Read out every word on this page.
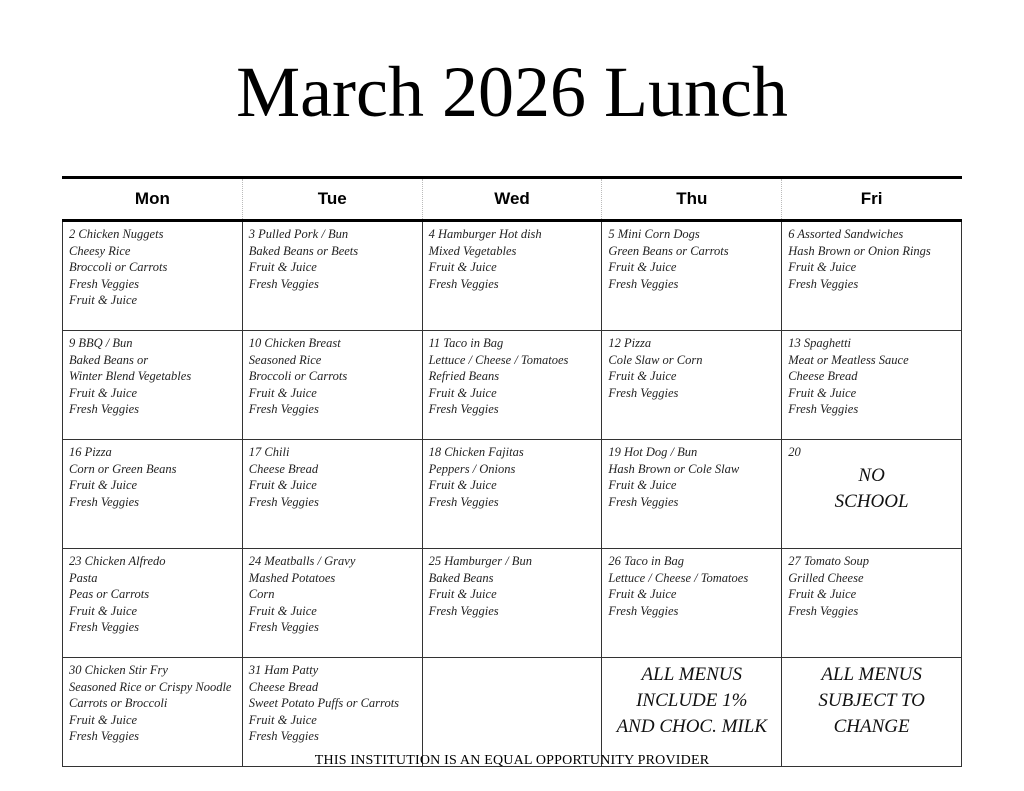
March 2026 Lunch
Mon	Tue	Wed	Thu	Fri

2 Chicken Nuggets
Cheesy Rice
Broccoli or Carrots
Fresh Veggies
Fruit & Juice	3 Pulled Pork / Bun
Baked Beans or Beets
Fruit & Juice
Fresh Veggies	4 Hamburger Hot dish
Mixed Vegetables
Fruit & Juice
Fresh Veggies	5 Mini Corn Dogs
Green Beans or Carrots
Fruit & Juice
Fresh Veggies	6 Assorted Sandwiches
Hash Brown or Onion Rings
Fruit & Juice
Fresh Veggies

9 BBQ / Bun
Baked Beans or
Winter Blend Vegetables
Fruit & Juice
Fresh Veggies	10 Chicken Breast
Seasoned Rice
Broccoli or Carrots
Fruit & Juice
Fresh Veggies	11 Taco in Bag
Lettuce / Cheese / Tomatoes
Refried Beans
Fruit & Juice
Fresh Veggies	12 Pizza
Cole Slaw or Corn
Fruit & Juice
Fresh Veggies	13 Spaghetti
Meat or Meatless Sauce
Cheese Bread
Fruit & Juice
Fresh Veggies

16 Pizza
Corn or Green Beans
Fruit & Juice
Fresh Veggies	17 Chili
Cheese Bread
Fruit & Juice
Fresh Veggies	18 Chicken Fajitas
Peppers / Onions
Fruit & Juice
Fresh Veggies	19 Hot Dog / Bun
Hash Brown or Cole Slaw
Fruit & Juice
Fresh Veggies	20
NO
SCHOOL

23 Chicken Alfredo
Pasta
Peas or Carrots
Fruit & Juice
Fresh Veggies	24 Meatballs / Gravy
Mashed Potatoes
Corn
Fruit & Juice
Fresh Veggies	25 Hamburger / Bun
Baked Beans
Fruit & Juice
Fresh Veggies	26 Taco in Bag
Lettuce / Cheese / Tomatoes
Fruit & Juice
Fresh Veggies	27 Tomato Soup
Grilled Cheese
Fruit & Juice
Fresh Veggies

30 Chicken Stir Fry
Seasoned Rice or Crispy Noodle
Carrots or Broccoli
Fruit & Juice
Fresh Veggies	31 Ham Patty
Cheese Bread
Sweet Potato Puffs or Carrots
Fruit & Juice
Fresh Veggies		ALL MENUS
INCLUDE 1%
AND CHOC. MILK	ALL MENUS
SUBJECT TO
CHANGE
THIS INSTITUTION IS AN EQUAL OPPORTUNITY PROVIDER
